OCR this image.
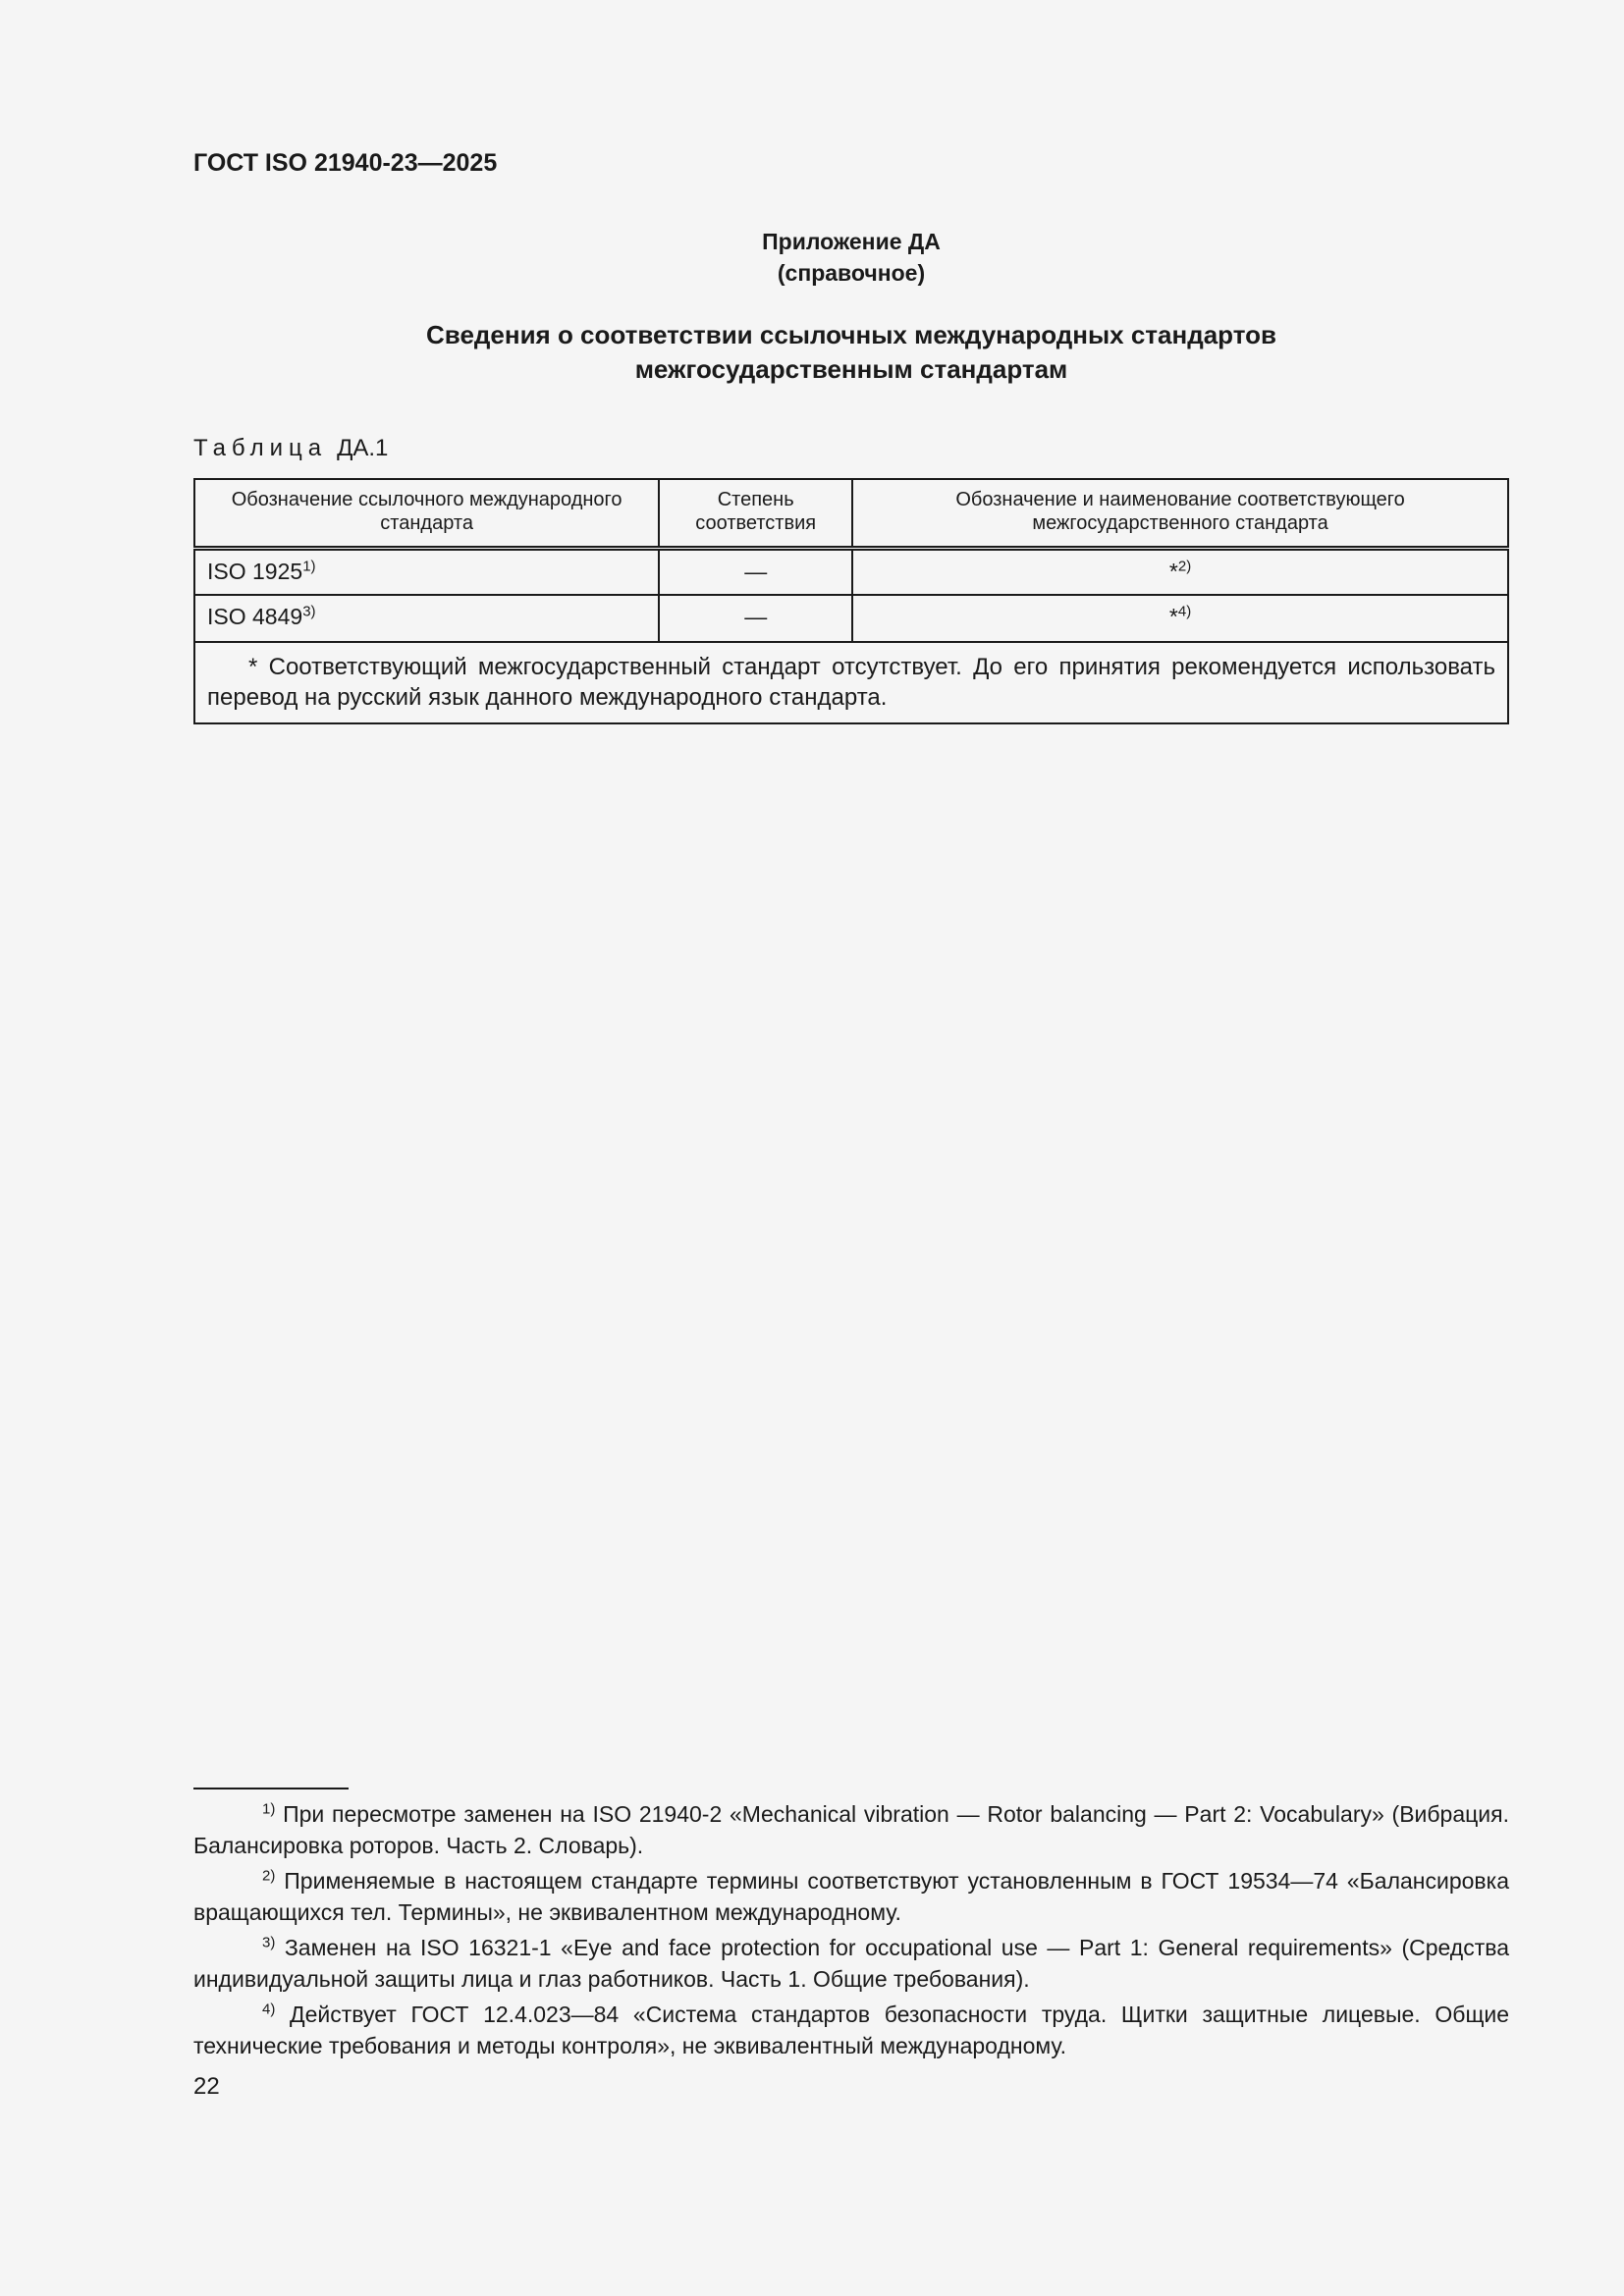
ГОСТ ISO 21940-23—2025
Приложение ДА
(справочное)
Сведения о соответствии ссылочных международных стандартов
межгосударственным стандартам
Таблица ДА.1
Обозначение ссылочного международного стандарта	Степень соответствия	Обозначение и наименование соответствующего межгосударственного стандарта
ISO 1925$^{1)}$	—	*$^{2)}$
ISO 4849$^{3)}$	—	*$^{4)}$
* Соответствующий межгосударственный стандарт отсутствует. До его принятия рекомендуется использовать перевод на русский язык данного международного стандарта.		

$^{1)}$ При пересмотре заменен на ISO 21940-2 «Mechanical vibration — Rotor balancing — Part 2: Vocabulary» (Вибрация. Балансировка роторов. Часть 2. Словарь).

$^{2)}$ Применяемые в настоящем стандарте термины соответствуют установленным в ГОСТ 19534—74 «Балансировка вращающихся тел. Термины», не эквивалентном международному.

$^{3)}$ Заменен на ISO 16321-1 «Eye and face protection for occupational use — Part 1: General requirements» (Средства индивидуальной защиты лица и глаз работников. Часть 1. Общие требования).

$^{4)}$ Действует ГОСТ 12.4.023—84 «Система стандартов безопасности труда. Щитки защитные лицевые. Общие технические требования и методы контроля», не эквивалентный международному.

22
